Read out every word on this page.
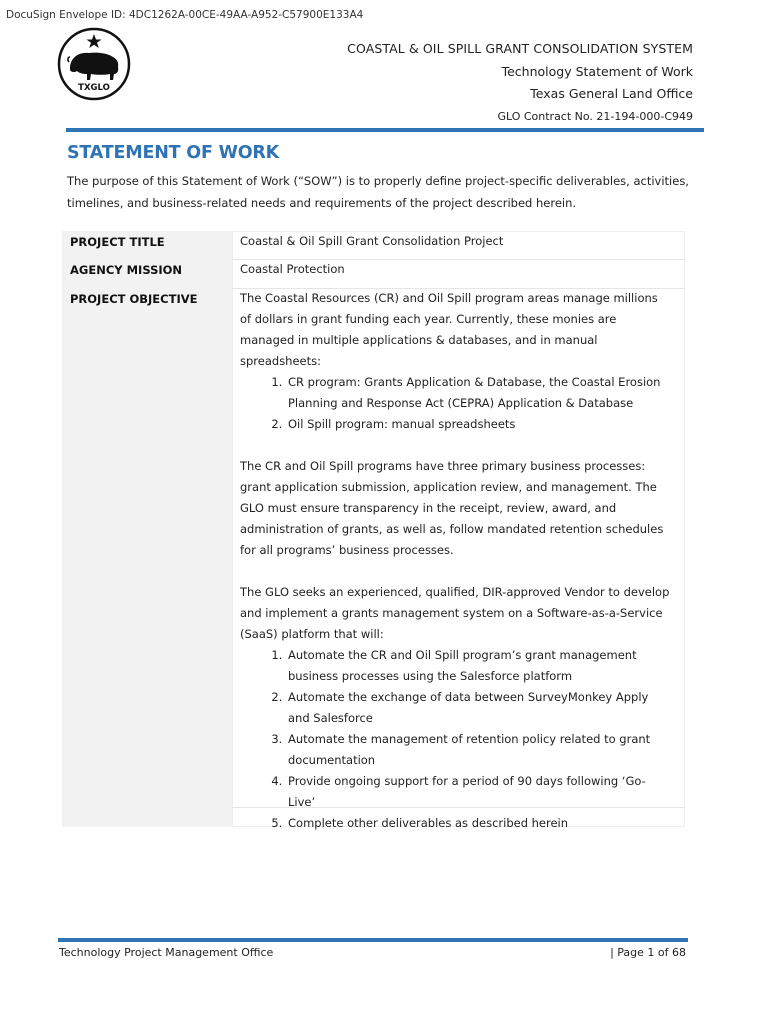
DocuSign Envelope ID: 4DC1262A-00CE-49AA-A952-C57900E133A4
TXGLO
COASTAL & OIL SPILL GRANT CONSOLIDATION SYSTEM
Technology Statement of Work
Texas General Land Office
GLO Contract No. 21-194-000-C949
STATEMENT OF WORK

The purpose of this Statement of Work (“SOW”) is to properly define project-specific deliverables, activities, timelines, and business-related needs and requirements of the project described herein.

PROJECT TITLE	Coastal & Oil Spill Grant Consolidation Project
AGENCY MISSION	Coastal Protection
PROJECT OBJECTIVE	The Coastal Resources (CR) and Oil Spill program areas manage millions of dollars in grant funding each year. Currently, these monies are managed in multiple applications & databases, and in manual spreadsheets:

1. CR program: Grants Application & Database, the Coastal Erosion Planning and Response Act (CEPRA) Application & Database
2. Oil Spill program: manual spreadsheets

The CR and Oil Spill programs have three primary business processes: grant application submission, application review, and management. The GLO must ensure transparency in the receipt, review, award, and administration of grants, as well as, follow mandated retention schedules for all programs’ business processes.

The GLO seeks an experienced, qualified, DIR-approved Vendor to develop and implement a grants management system on a Software-as-a-Service (SaaS) platform that will:

1. Automate the CR and Oil Spill program’s grant management business processes using the Salesforce platform
2. Automate the exchange of data between SurveyMonkey Apply and Salesforce
3. Automate the management of retention policy related to grant documentation
4. Provide ongoing support for a period of 90 days following ‘Go-Live’
5. Complete other deliverables as described herein
Technology Project Management Office	| Page 1 of 68
